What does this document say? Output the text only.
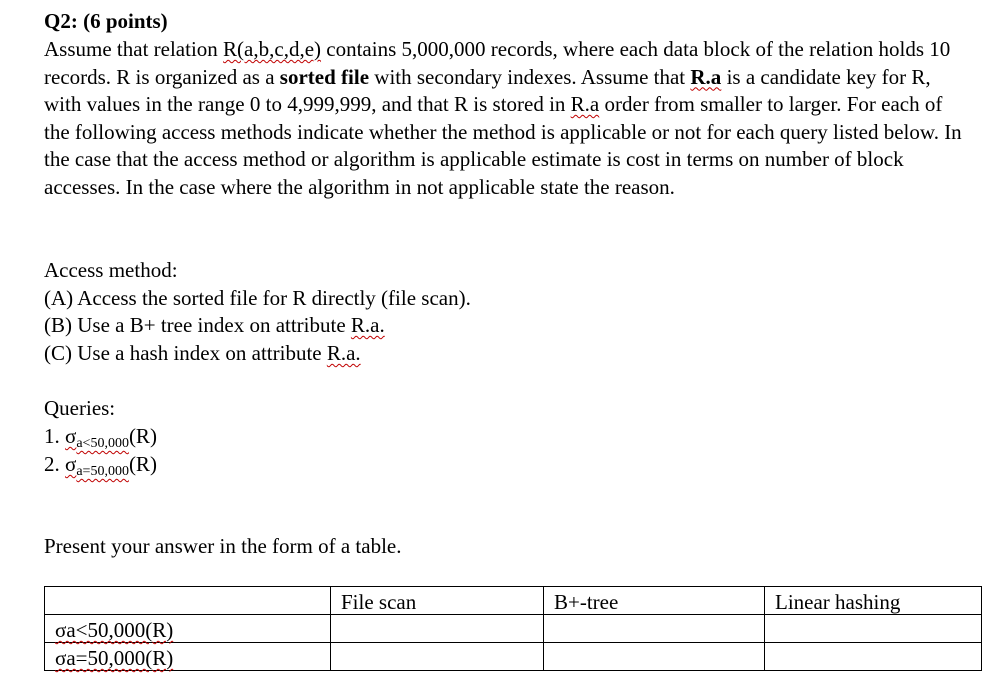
Q2: (6 points)
Assume that relation R(a,b,c,d,e) contains 5,000,000 records, where each data block of the relation holds 10 records. R is organized as a sorted file with secondary indexes. Assume that R.a is a candidate key for R, with values in the range 0 to 4,999,999, and that R is stored in R.a order from smaller to larger. For each of the following access methods indicate whether the method is applicable or not for each query listed below. In the case that the access method or algorithm is applicable estimate is cost in terms on number of block accesses. In the case where the algorithm in not applicable state the reason.
Access method:
(A) Access the sorted file for R directly (file scan).
(B) Use a B+ tree index on attribute R.a.
(C) Use a hash index on attribute R.a.
Queries:
1. $\sigma_{a<50,000}(R)$
2. $\sigma_{a=50,000}(R)$
Present your answer in the form of a table.
	File scan	B+-tree	Linear hashing
σa<50,000(R)			
σa=50,000(R)			
